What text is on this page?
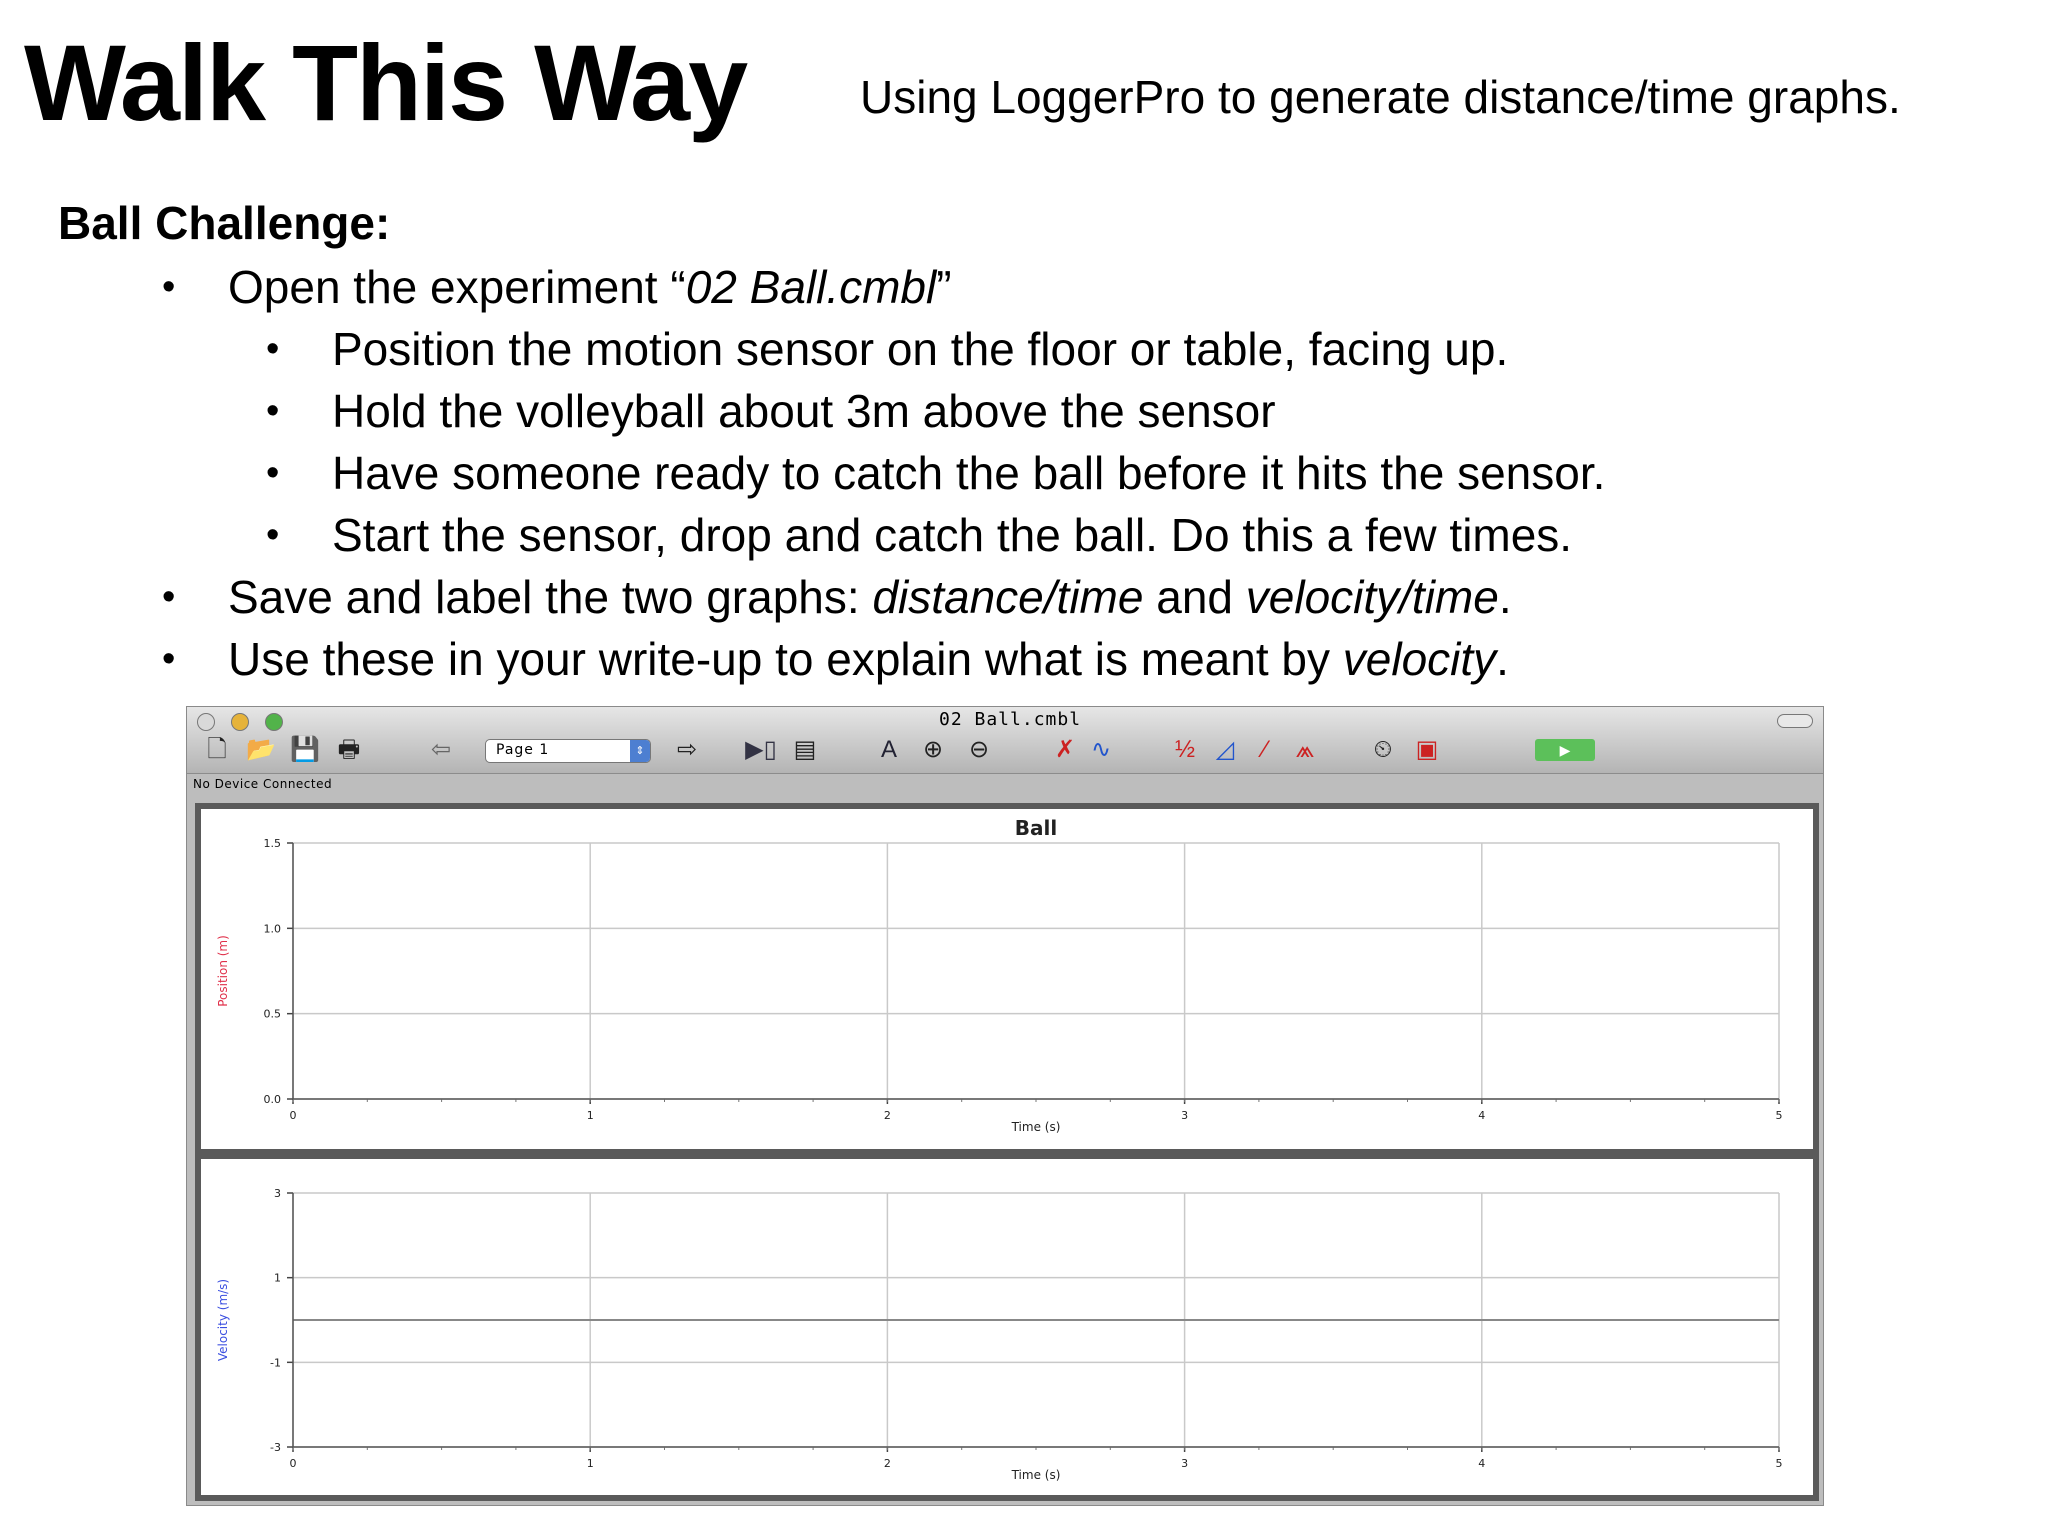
Walk This Way Using LoggerPro to generate distance/time graphs.
Ball Challenge:
• Open the experiment “02 Ball.cmbl”
• Position the motion sensor on the floor or table, facing up.
• Hold the volleyball about 3m above the sensor
• Have someone ready to catch the ball before it hits the sensor.
• Start the sensor, drop and catch the ball. Do this a few times.
• Save and label the two graphs: distance/time and velocity/time.
• Use these in your write-up to explain what is meant by velocity.
02 Ball.cmbl
🗋 📂 💾 🖶	⇦	Page 1	⇕ ⇨ ▶▯ ▤	A ⊕ ⊖	✗ ∿	½ ◿	⁄	⩕ ⏲ ▣	▶
No Device Connected
0	1	2	3	4	5
0.0
0.5
1.0
1.5
Ball
Time (s)
Position (m)
0	1	2	3	4	5
-3
-1
1
3
Time (s)
Velocity (m/s)
